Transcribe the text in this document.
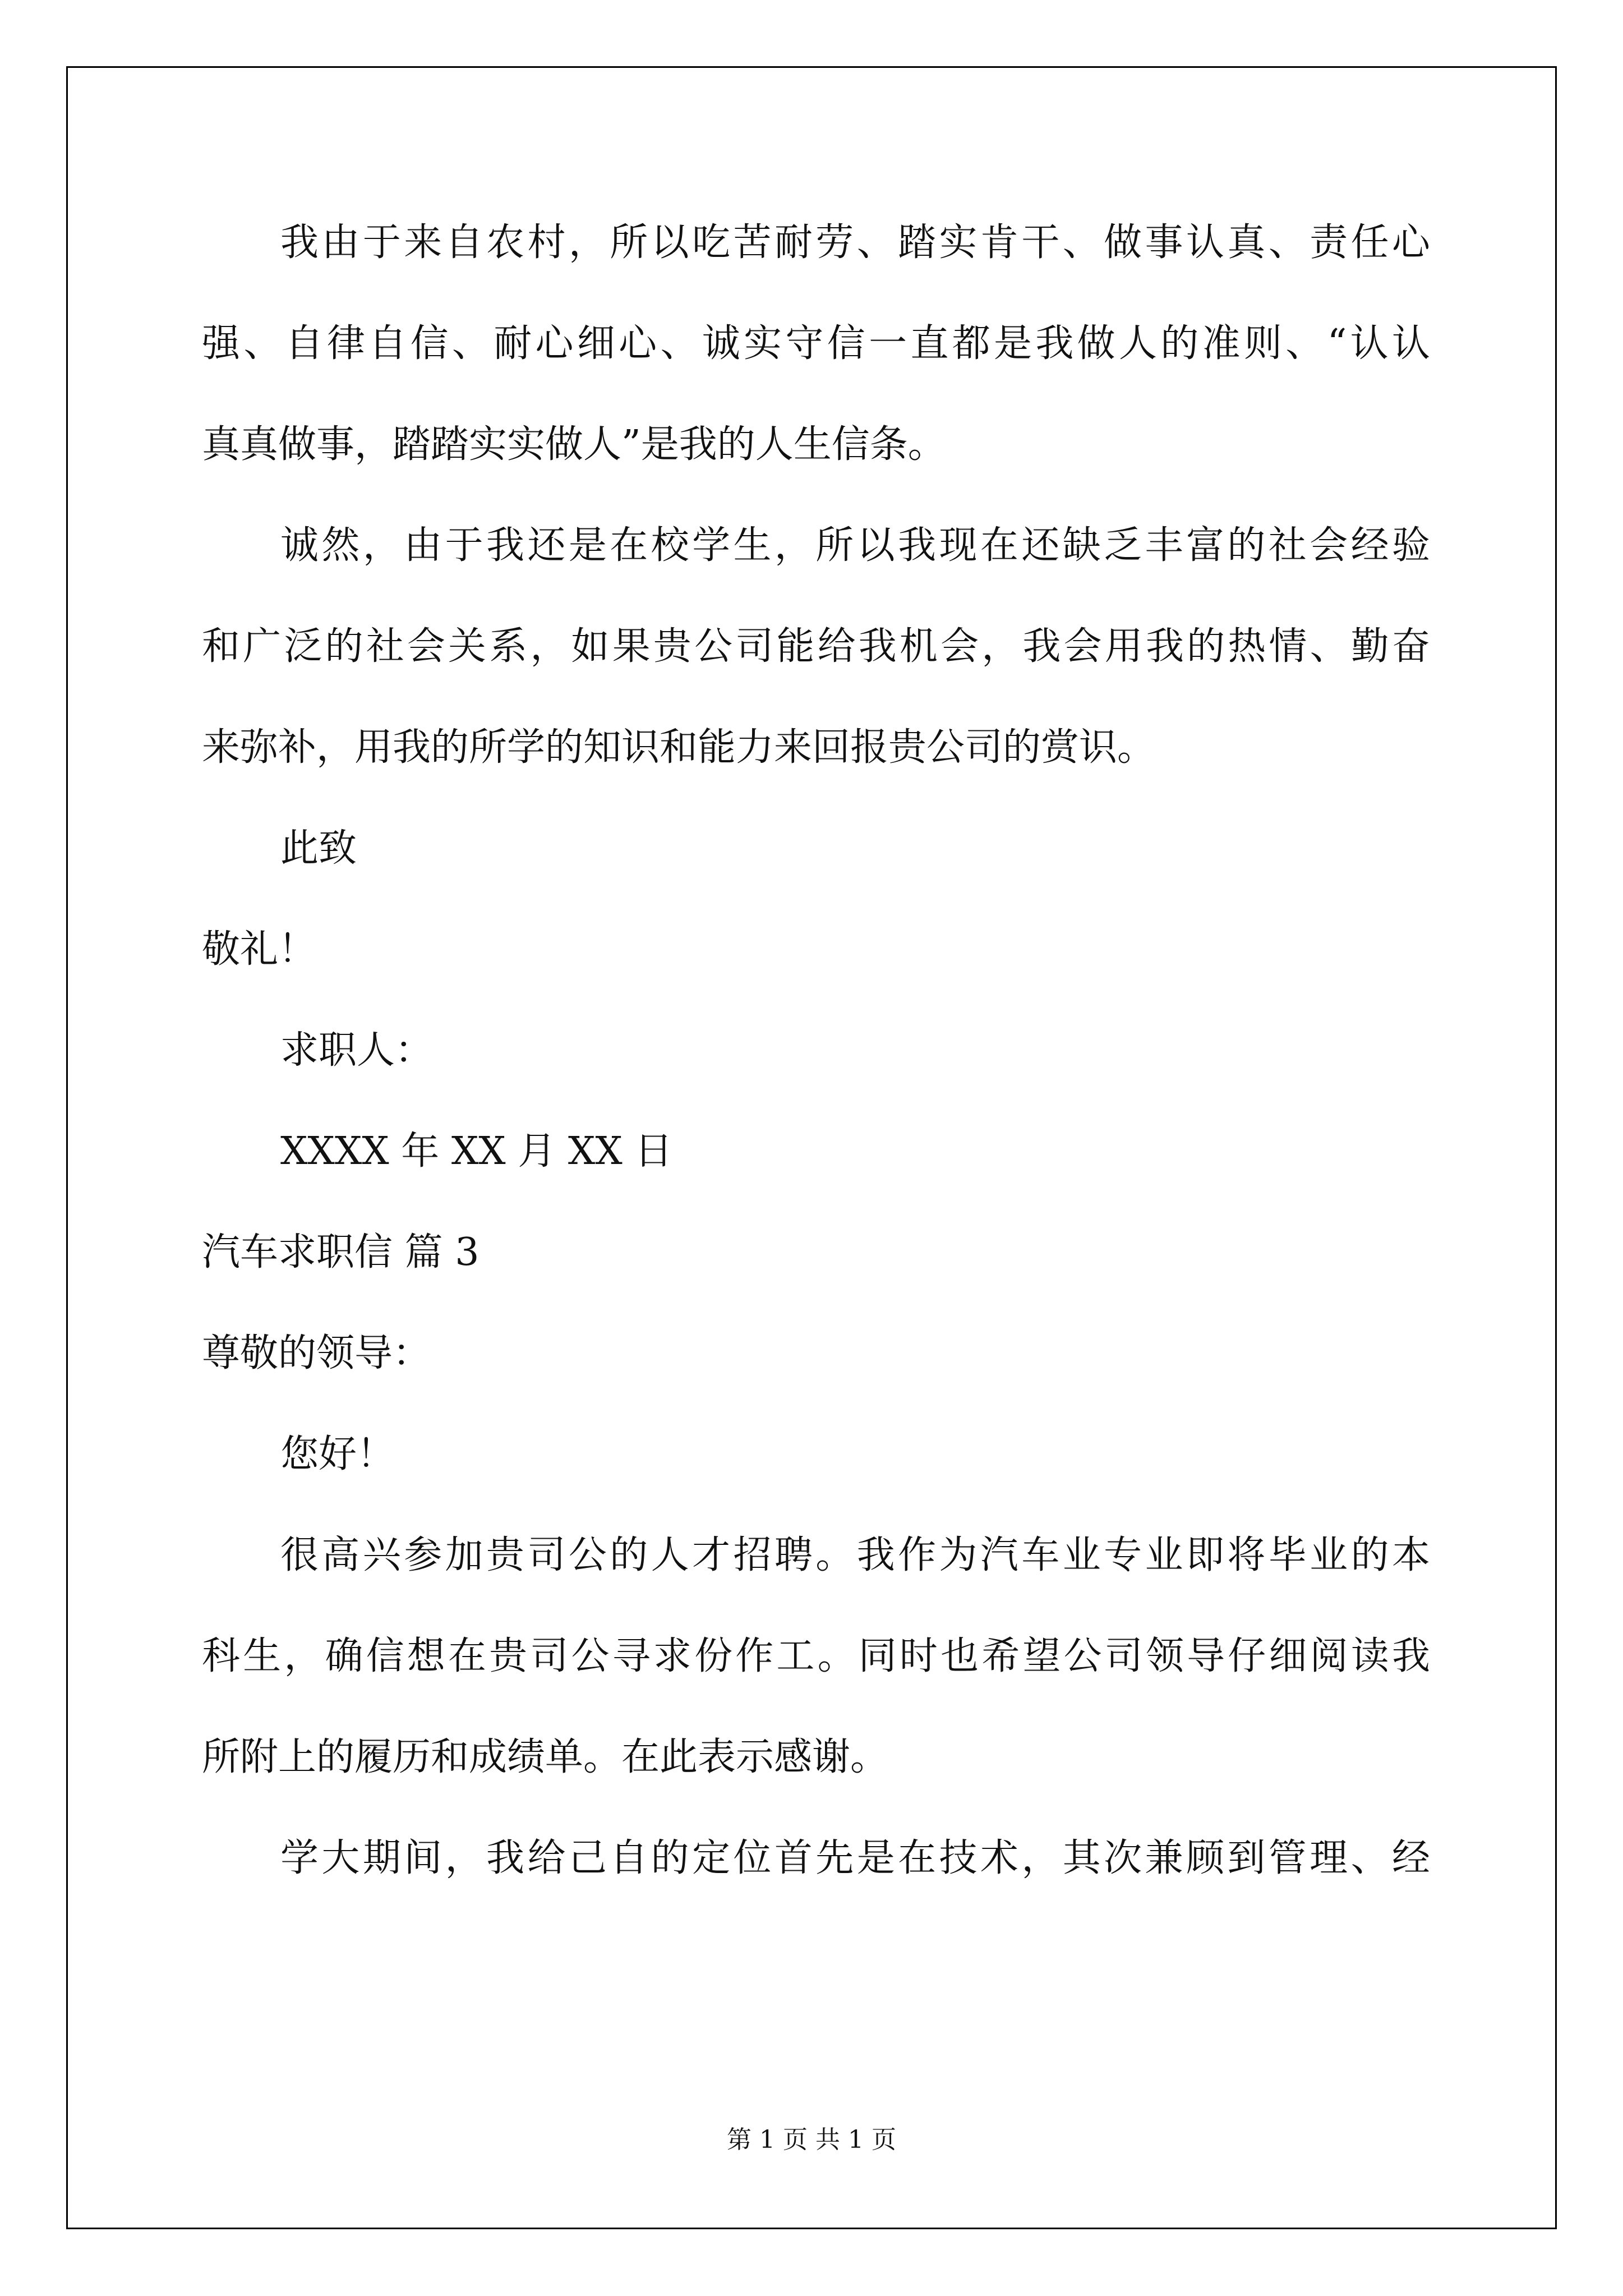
我由于来自农村，所以吃苦耐劳、踏实肯干、做事认真、责任心
强、自律自信、耐心细心、诚实守信一直都是我做人的准则、“认认
真真做事，踏踏实实做人”是我的人生信条。
诚然，由于我还是在校学生，所以我现在还缺乏丰富的社会经验
和广泛的社会关系，如果贵公司能给我机会，我会用我的热情、勤奋
来弥补，用我的所学的知识和能力来回报贵公司的赏识。
此致
敬礼！
求职人：
XXXX 年 XX 月 XX 日
汽车求职信 篇 3
尊敬的领导：
您好！
很高兴参加贵司公的人才招聘。我作为汽车业专业即将毕业的本
科生，确信想在贵司公寻求份作工。同时也希望公司领导仔细阅读我
所附上的履历和成绩单。在此表示感谢。
学大期间，我给己自的定位首先是在技术，其次兼顾到管理、经
第 1 页 共 1 页
